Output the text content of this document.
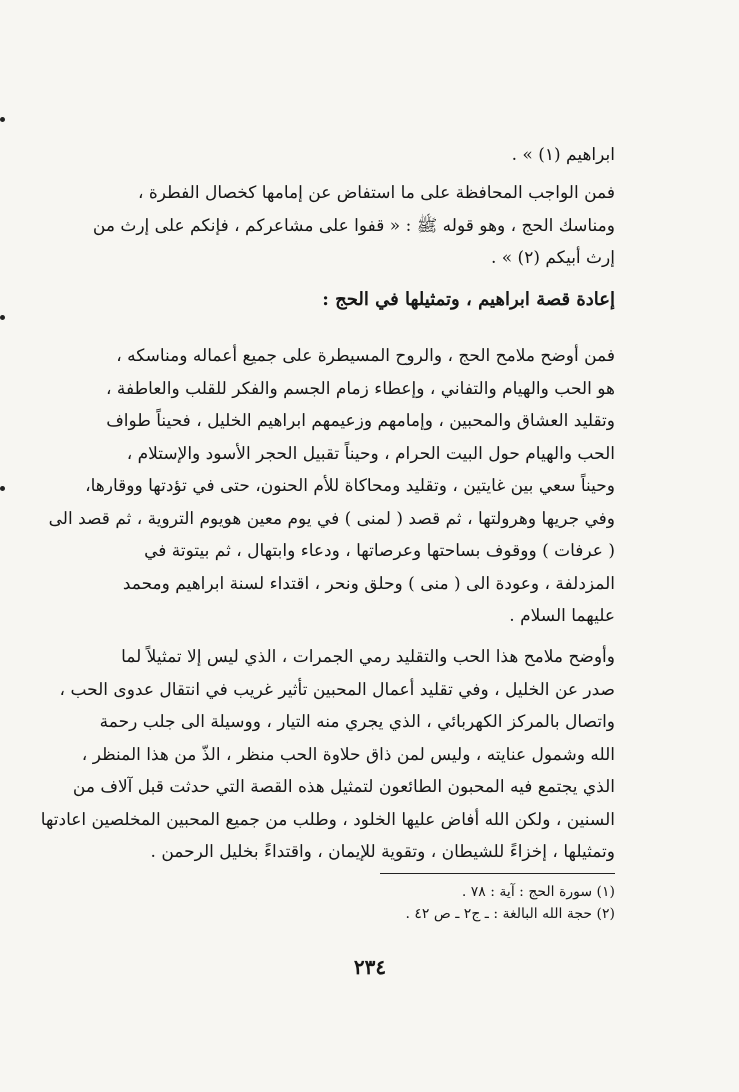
ابراهيم (١) » .
فمن الواجب المحافظة على ما استفاض عن إمامها كخصال الفطرة ،
ومناسك الحج ، وهو قوله ﷺ : « قفوا على مشاعركم ، فإنكم على إرث من
إرث أبيكم (٢) » .
إعادة قصة ابراهيم ، وتمثيلها في الحج :
فمن أوضح ملامح الحج ، والروح المسيطرة على جميع أعماله ومناسكه ،
هو الحب والهيام والتفاني ، وإعطاء زمام الجسم والفكر للقلب والعاطفة ،
وتقليد العشاق والمحبين ، وإمامهم وزعيمهم ابراهيم الخليل ، فحيناً طواف
الحب والهيام حول البيت الحرام ، وحيناً تقبيل الحجر الأسود والإستلام ،
وحيناً سعي بين غايتين ، وتقليد ومحاكاة للأم الحنون، حتى في تؤدتها ووقارها،
وفي جريها وهرولتها ، ثم قصد ( لمنى ) في يوم معين هويوم التروية ، ثم قصد الى
( عرفات ) ووقوف بساحتها وعرصاتها ، ودعاء وابتهال ، ثم بيتوتة في
المزدلفة ، وعودة الى ( منى ) وحلق ونحر ، اقتداء لسنة ابراهيم ومحمد
عليهما السلام .
وأوضح ملامح هذا الحب والتقليد رمي الجمرات ، الذي ليس إلا تمثيلاً لما
صدر عن الخليل ، وفي تقليد أعمال المحبين تأثير غريب في انتقال عدوى الحب ،
واتصال بالمركز الكهربائي ، الذي يجري منه التيار ، ووسيلة الى جلب رحمة
الله وشمول عنايته ، وليس لمن ذاق حلاوة الحب منظر ، الذّ من هذا المنظر ،
الذي يجتمع فيه المحبون الطائعون لتمثيل هذه القصة التي حدثت قبل آلاف من
السنين ، ولكن الله أفاض عليها الخلود ، وطلب من جميع المحبين المخلصين اعادتها
وتمثيلها ، إخزاءً للشيطان ، وتقوية للإيمان ، واقتداءً بخليل الرحمن .
(١) سورة الحج : آية : ٧٨ .
(٢) حجة الله البالغة : ـ ج٢ ـ ص ٤٢ .
٢٣٤
